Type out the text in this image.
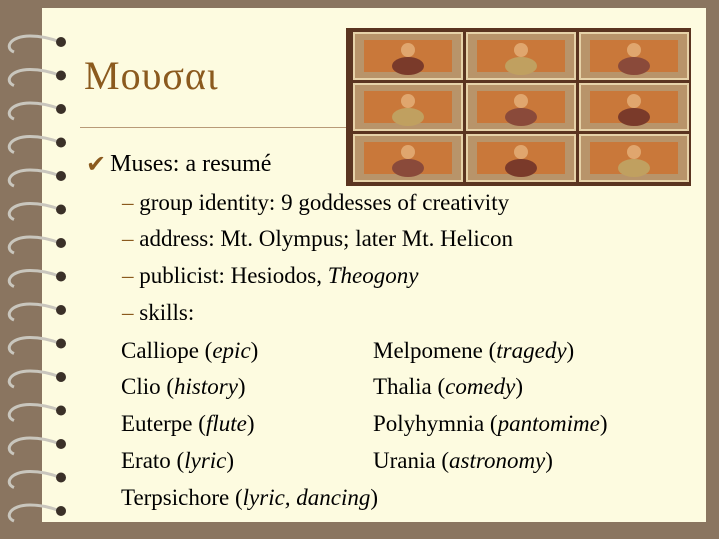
Μουσαι
✔ Muses: a resumé
– group identity: 9 goddesses of creativity
– address: Mt. Olympus; later Mt. Helicon
– publicist: Hesiodos, Theogony
– skills:
Calliope (epic)	Melpomene (tragedy)
Clio (history)	Thalia (comedy)
Euterpe (flute)	Polyhymnia (pantomime)
Erato (lyric)	Urania (astronomy)
Terpsichore (lyric, dancing)
